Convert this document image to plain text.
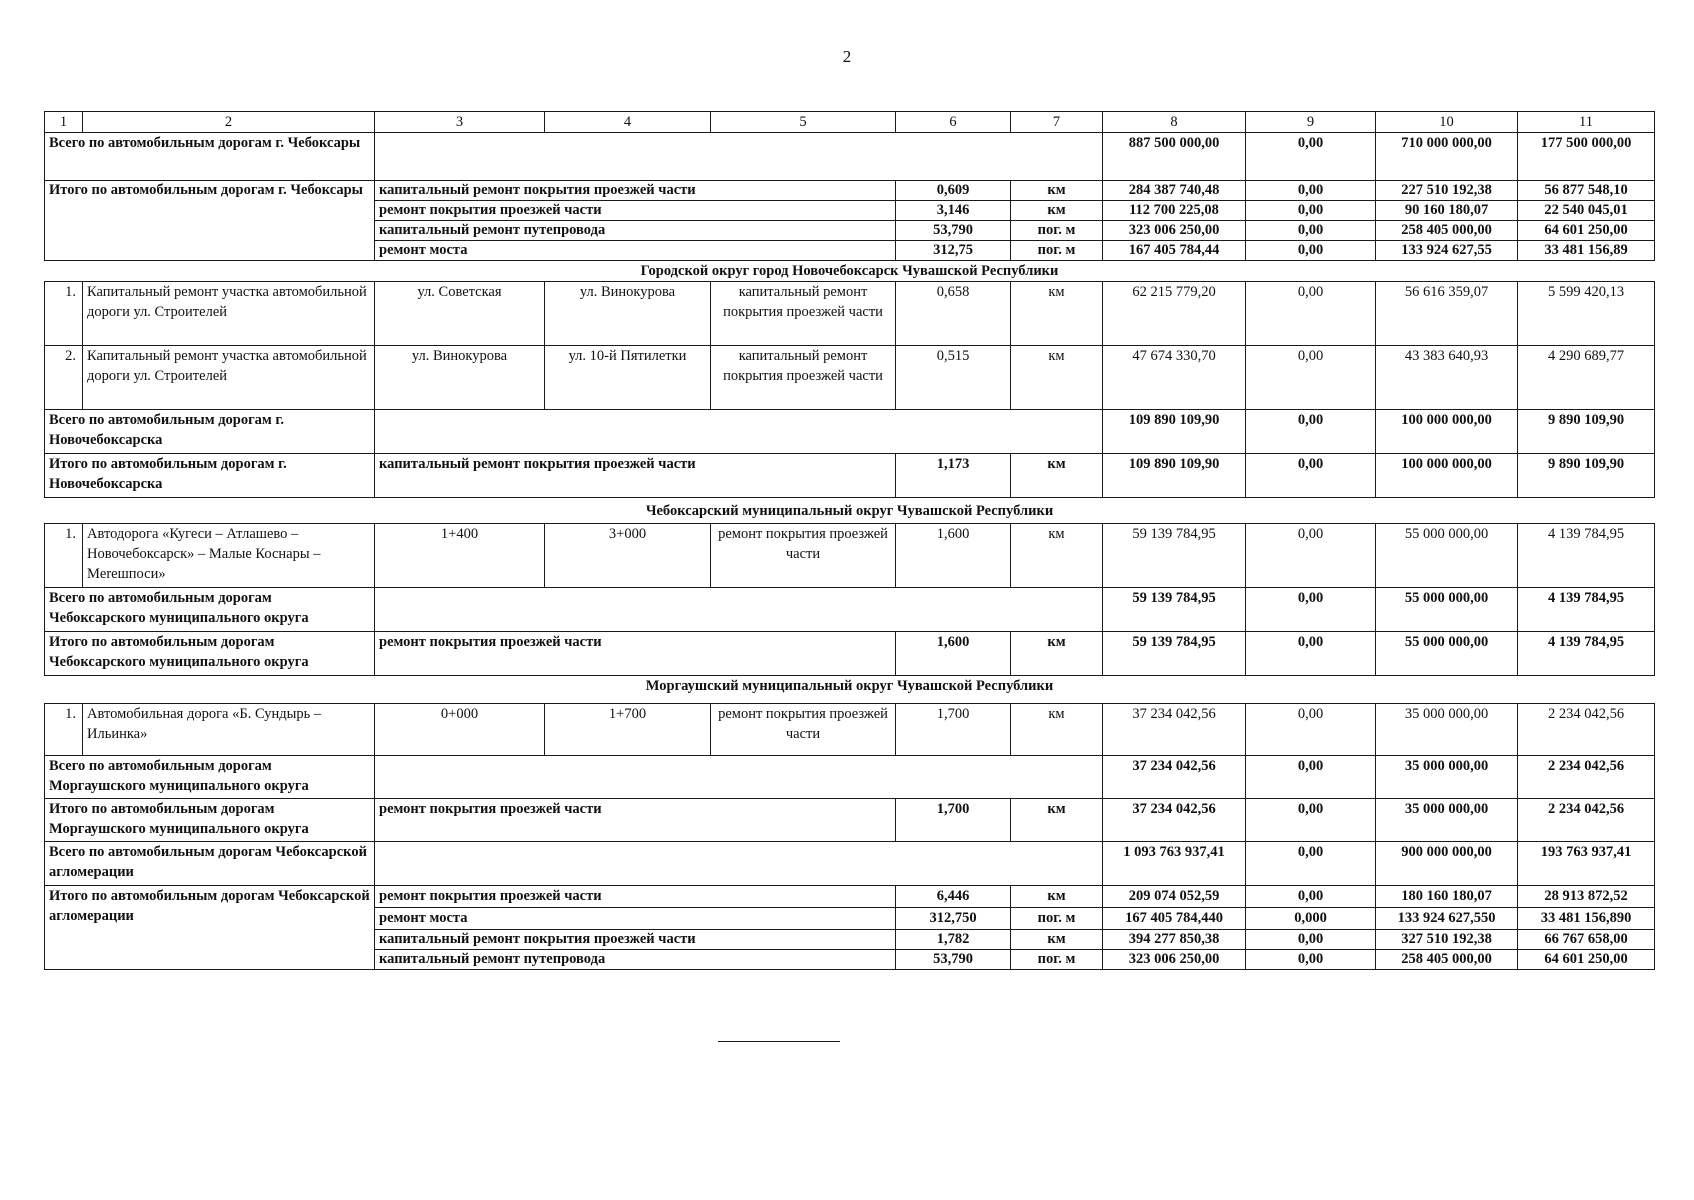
2
1	2	3	4	5	6	7	8	9	10	11
Всего по автомобильным дорогам г. Чебоксары							887 500 000,00	0,00	710 000 000,00	177 500 000,00
Итого по автомобильным дорогам г. Чебоксары		капитальный ремонт покрытия проезжей части			0,609	км	284 387 740,48	0,00	227 510 192,38	56 877 548,10
		ремонт покрытия проезжей части			3,146	км	112 700 225,08	0,00	90 160 180,07	22 540 045,01
		капитальный ремонт путепровода			53,790	пог. м	323 006 250,00	0,00	258 405 000,00	64 601 250,00
		ремонт моста			312,75	пог. м	167 405 784,44	0,00	133 924 627,55	33 481 156,89
Городской округ город Новочебоксарск Чувашской Республики										
1.	Капитальный ремонт участка автомобильной дороги ул. Строителей	ул. Советская	ул. Винокурова	капитальный ремонт покрытия проезжей части	0,658	км	62 215 779,20	0,00	56 616 359,07	5 599 420,13
2.	Капитальный ремонт участка автомобильной дороги ул. Строителей	ул. Винокурова	ул. 10-й Пятилетки	капитальный ремонт покрытия проезжей части	0,515	км	47 674 330,70	0,00	43 383 640,93	4 290 689,77
Всего по автомобильным дорогам г. Новочебоксарска							109 890 109,90	0,00	100 000 000,00	9 890 109,90
Итого по автомобильным дорогам г. Новочебоксарска		капитальный ремонт покрытия проезжей части			1,173	км	109 890 109,90	0,00	100 000 000,00	9 890 109,90
Чебоксарский муниципальный округ Чувашской Республики										
1.	Автодорога «Кугеси – Атлашево – Новочебоксарск» – Малые Коснары – Merешпоси»	1+400	3+000	ремонт покрытия проезжей части	1,600	км	59 139 784,95	0,00	55 000 000,00	4 139 784,95
Всего по автомобильным дорогам Чебоксарского муниципального округа							59 139 784,95	0,00	55 000 000,00	4 139 784,95
Итого по автомобильным дорогам Чебоксарского муниципального округа		ремонт покрытия проезжей части			1,600	км	59 139 784,95	0,00	55 000 000,00	4 139 784,95
Моргаушский муниципальный округ Чувашской Республики										
1.	Автомобильная дорога «Б. Сундырь – Ильинка»	0+000	1+700	ремонт покрытия проезжей части	1,700	км	37 234 042,56	0,00	35 000 000,00	2 234 042,56
Всего по автомобильным дорогам Моргаушского муниципального округа							37 234 042,56	0,00	35 000 000,00	2 234 042,56
Итого по автомобильным дорогам Моргаушского муниципального округа		ремонт покрытия проезжей части			1,700	км	37 234 042,56	0,00	35 000 000,00	2 234 042,56
Всего по автомобильным дорогам Чебоксарской агломерации							1 093 763 937,41	0,00	900 000 000,00	193 763 937,41
Итого по автомобильным дорогам Чебоксарской агломерации		ремонт покрытия проезжей части			6,446	км	209 074 052,59	0,00	180 160 180,07	28 913 872,52
		ремонт моста			312,750	пог. м	167 405 784,440	0,000	133 924 627,550	33 481 156,890
		капитальный ремонт покрытия проезжей части			1,782	км	394 277 850,38	0,00	327 510 192,38	66 767 658,00
		капитальный ремонт путепровода			53,790	пог. м	323 006 250,00	0,00	258 405 000,00	64 601 250,00
